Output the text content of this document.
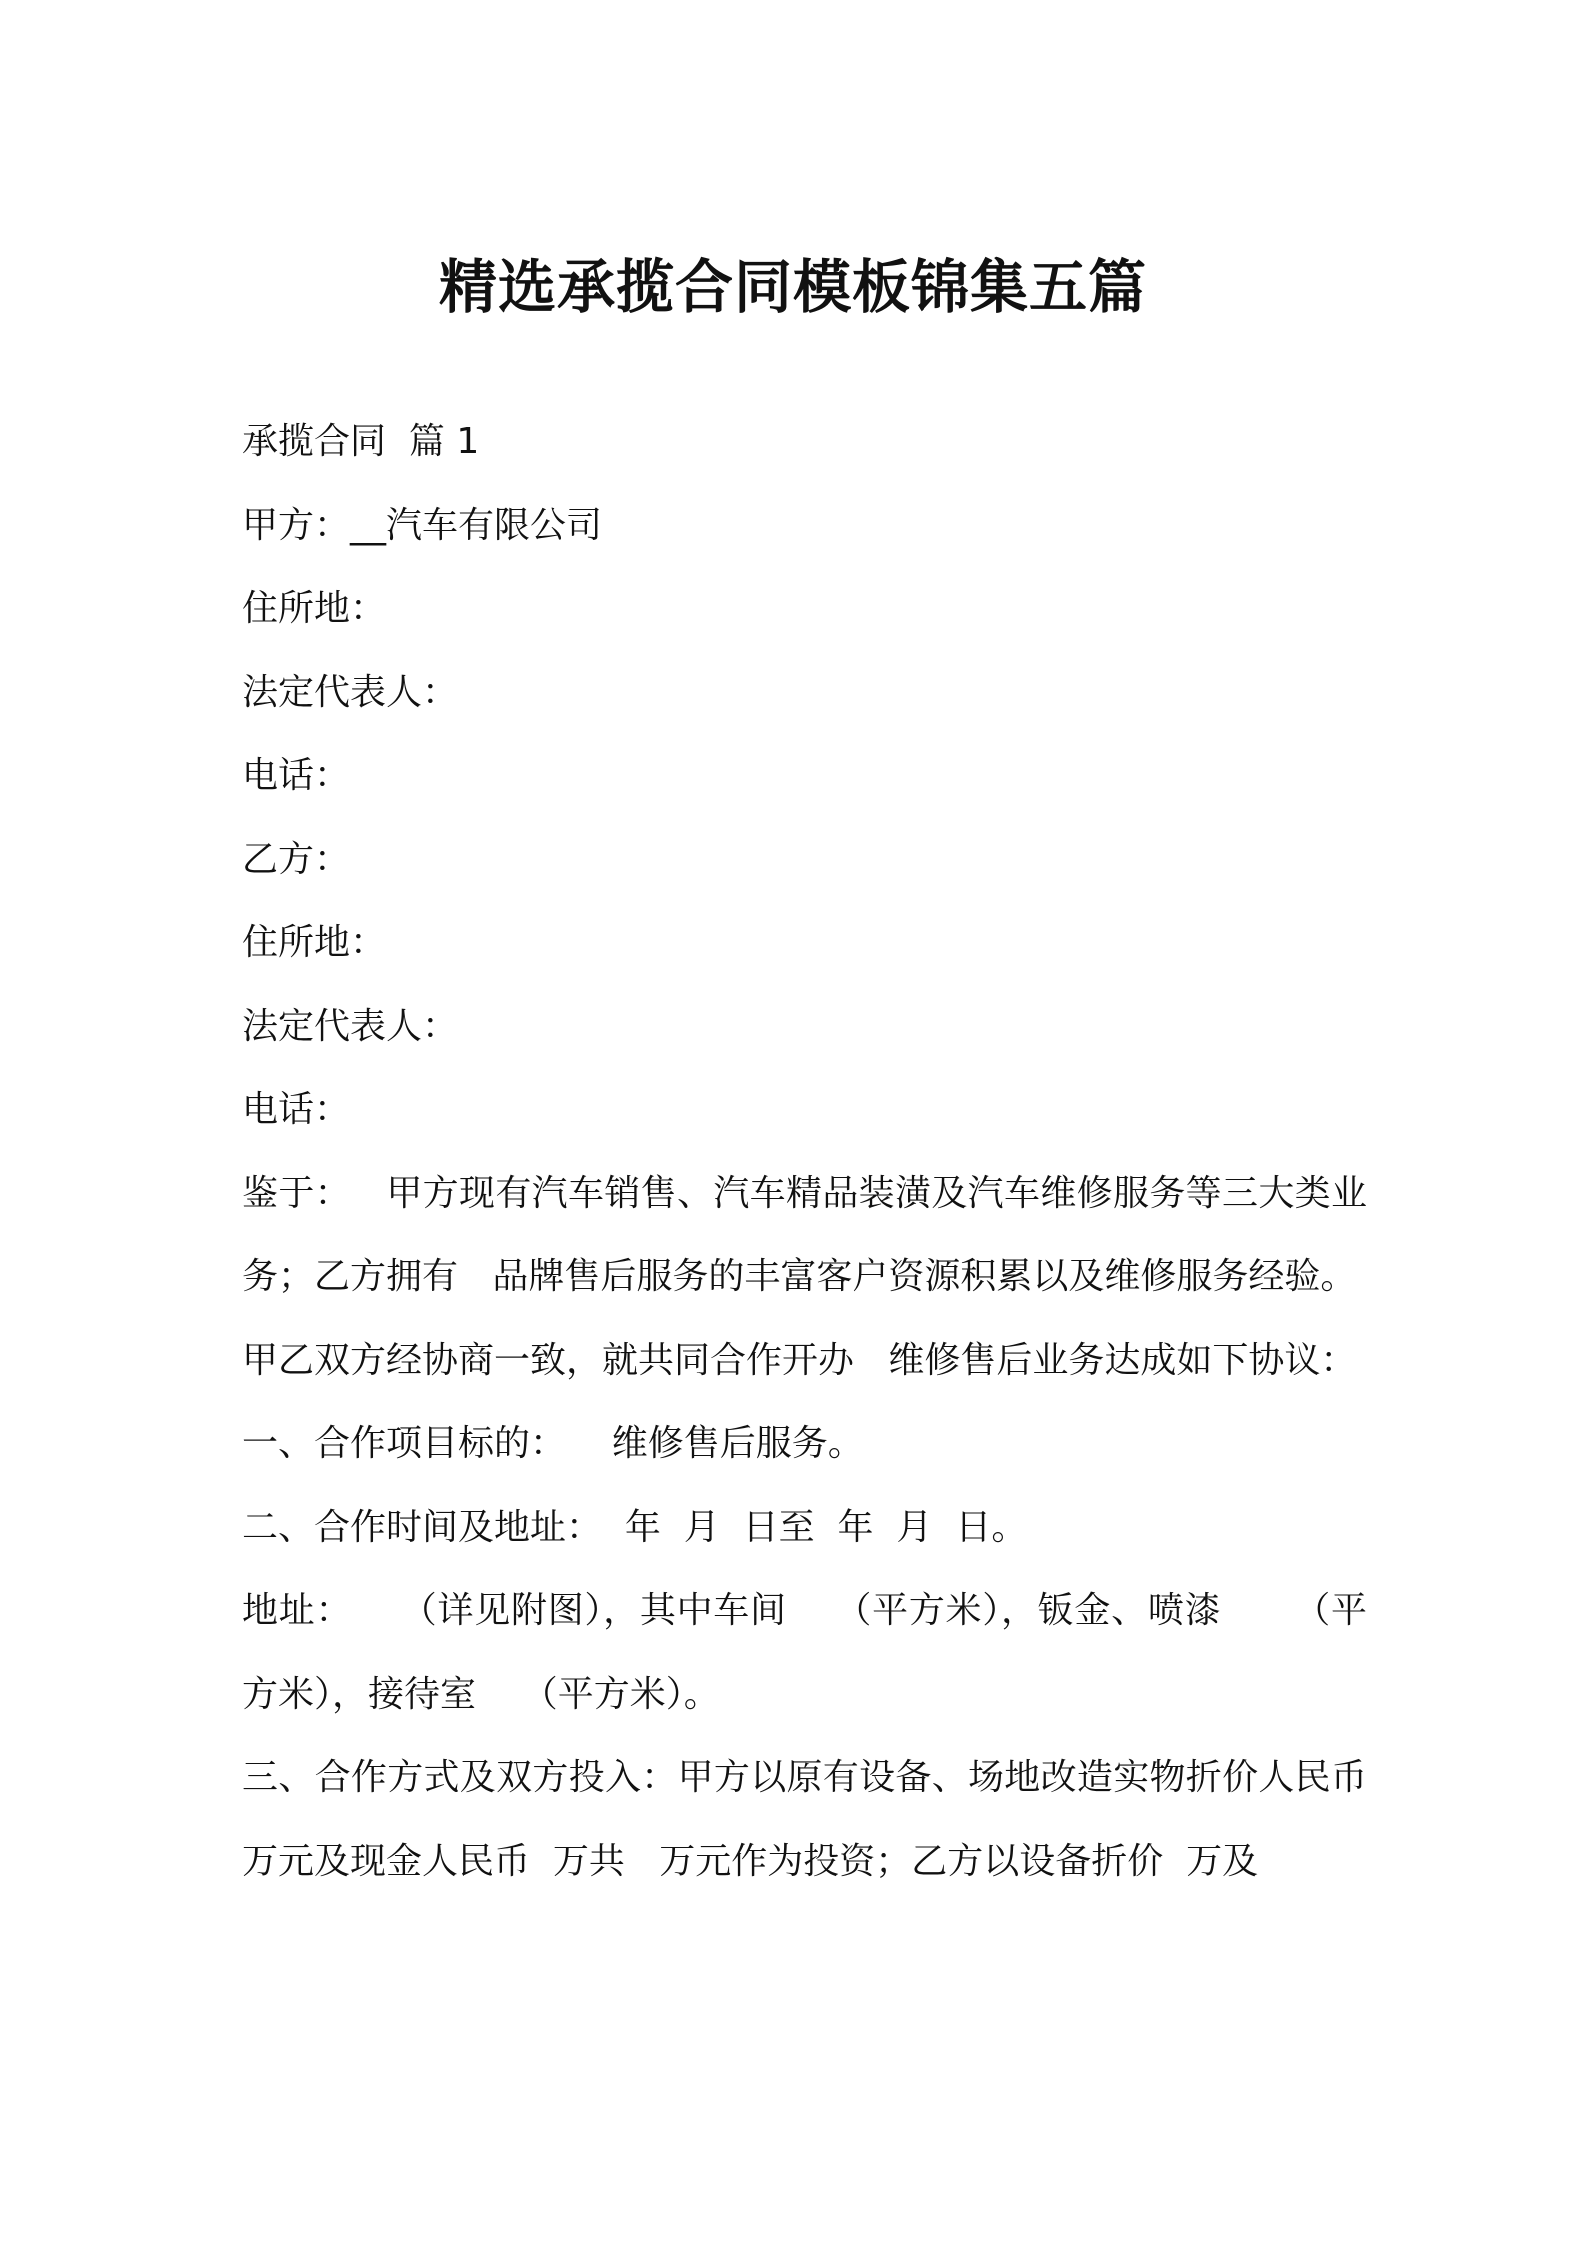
精选承揽合同模板锦集五篇

承揽合同  篇 1

甲方：__汽车有限公司

住所地：

法定代表人：

电话：

乙方：

住所地：

法定代表人：

电话：

鉴于：   甲方现有汽车销售、汽车精品装潢及汽车维修服务等三大类业务；乙方拥有   品牌售后服务的丰富客户资源积累以及维修服务经验。

甲乙双方经协商一致，就共同合作开办   维修售后业务达成如下协议：

一、合作项目标的：    维修售后服务。

二、合作时间及地址：  年  月  日至  年  月  日。

地址：    （详见附图），其中车间    （平方米），钣金、喷漆      （平方米），接待室    （平方米）。

三、合作方式及双方投入：甲方以原有设备、场地改造实物折价人民币  万元及现金人民币  万共   万元作为投资；乙方以设备折价  万及
